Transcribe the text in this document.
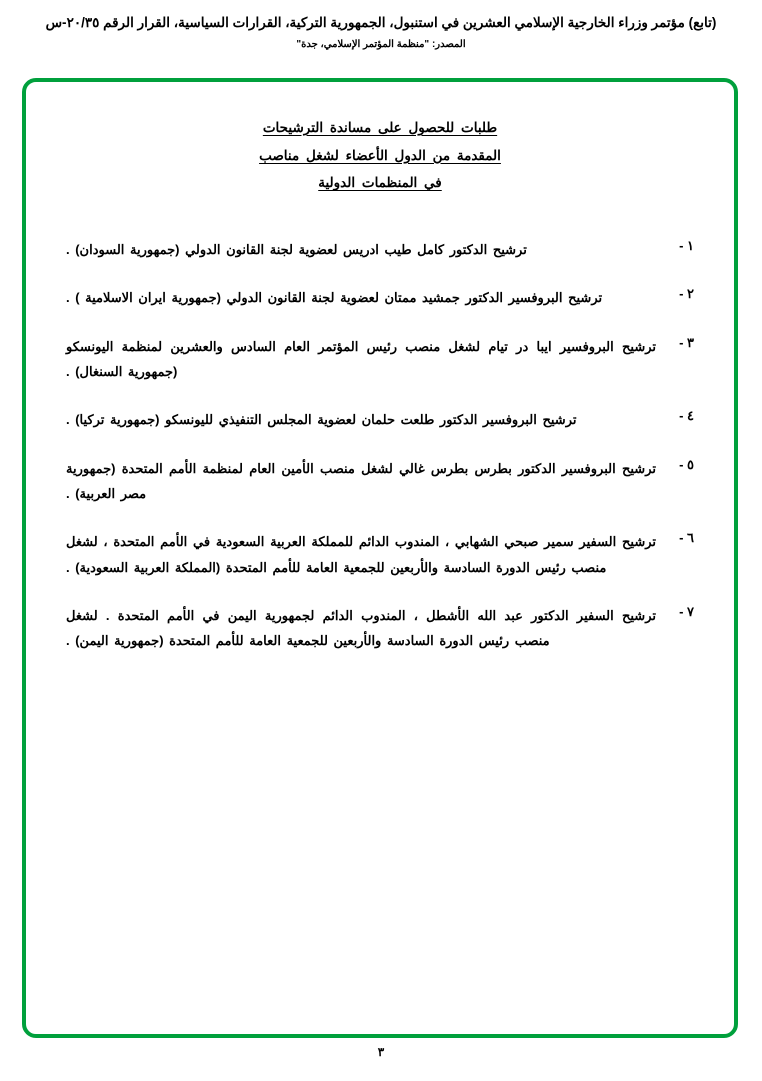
(تابع) مؤتمر وزراء الخارجية الإسلامي العشرين في استنبول، الجمهورية التركية، القرارات السياسية، القرار الرقم ٢٠/٣٥-س
المصدر: "منظمة المؤتمر الإسلامي، جدة"
طلبات للحصول على مساندة الترشيحات
المقدمة من الدول الأعضاء لشغل مناصب
في المنظمات الدولية
١ -
ترشيح الدكتور كامل طيب ادريس لعضوية لجنة القانون الدولي (جمهورية السودان) .
٢ -
ترشيح البروفسير الدكتور جمشيد ممتان لعضوية لجنة القانون الدولي (جمهورية ايران الاسلامية ) .
٣ -
ترشيح البروفسير ايبا در تيام لشغل منصب رئيس المؤتمر العام السادس والعشرين لمنظمة اليونسكو (جمهورية السنغال) .
٤ -
ترشيح البروفسير الدكتور طلعت حلمان لعضوية المجلس التنفيذي لليونسكو (جمهورية تركيا) .
٥ -
ترشيح البروفسير الدكتور بطرس بطرس غالي لشغل منصب الأمين العام لمنظمة الأمم المتحدة (جمهورية مصر العربية) .
٦ -
ترشيح السفير سمير صبحي الشهابي ، المندوب الدائم للمملكة العربية السعودية في الأمم المتحدة ، لشغل منصب رئيس الدورة السادسة والأربعين للجمعية العامة للأمم المتحدة (المملكة العربية السعودية) .
٧ -
ترشيح السفير الدكتور عبد الله الأشطل ، المندوب الدائم لجمهورية اليمن في الأمم المتحدة . لشغل منصب رئيس الدورة السادسة والأربعين للجمعية العامة للأمم المتحدة (جمهورية اليمن) .
٣
